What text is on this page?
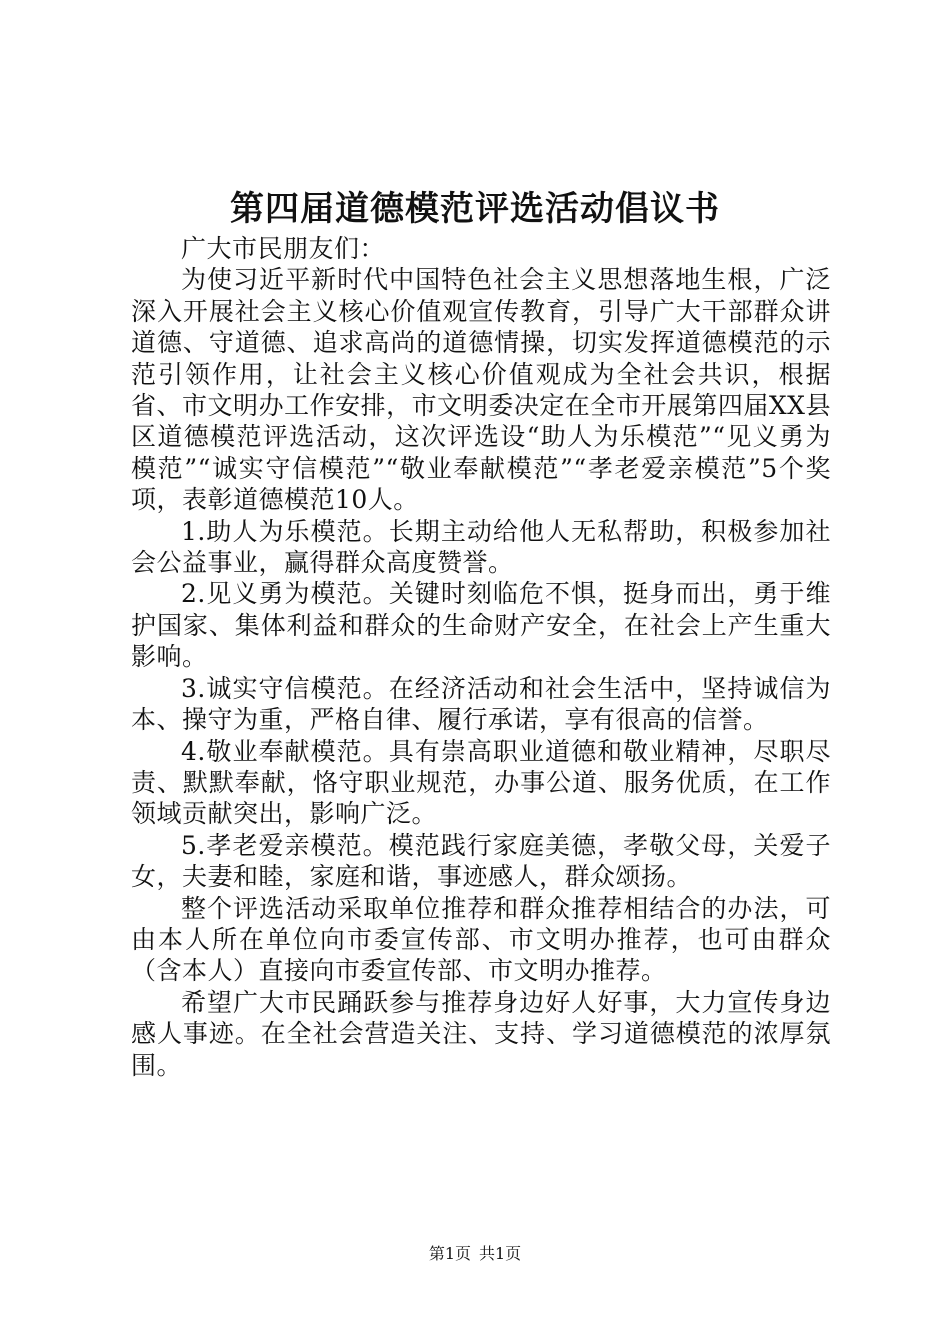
第四届道德模范评选活动倡议书

广大市民朋友们：

为使习近平新时代中国特色社会主义思想落地生根，广泛深入开展社会主义核心价值观宣传教育，引导广大干部群众讲道德、守道德、追求高尚的道德情操，切实发挥道德模范的示范引领作用，让社会主义核心价值观成为全社会共识，根据省、市文明办工作安排，市文明委决定在全市开展第四届XX县区道德模范评选活动，这次评选设“助人为乐模范”“见义勇为模范”“诚实守信模范”“敬业奉献模范”“孝老爱亲模范”5个奖项，表彰道德模范10人。

1.助人为乐模范。长期主动给他人无私帮助，积极参加社会公益事业，赢得群众高度赞誉。

2.见义勇为模范。关键时刻临危不惧，挺身而出，勇于维护国家、集体利益和群众的生命财产安全，在社会上产生重大影响。

3.诚实守信模范。在经济活动和社会生活中，坚持诚信为本、操守为重，严格自律、履行承诺，享有很高的信誉。

4.敬业奉献模范。具有崇高职业道德和敬业精神，尽职尽责、默默奉献，恪守职业规范，办事公道、服务优质，在工作领域贡献突出，影响广泛。

5.孝老爱亲模范。模范践行家庭美德，孝敬父母，关爱子女，夫妻和睦，家庭和谐，事迹感人，群众颂扬。

整个评选活动采取单位推荐和群众推荐相结合的办法，可由本人所在单位向市委宣传部、市文明办推荐，也可由群众（含本人）直接向市委宣传部、市文明办推荐。

希望广大市民踊跃参与推荐身边好人好事，大力宣传身边感人事迹。在全社会营造关注、支持、学习道德模范的浓厚氛围。

第1页 共1页
